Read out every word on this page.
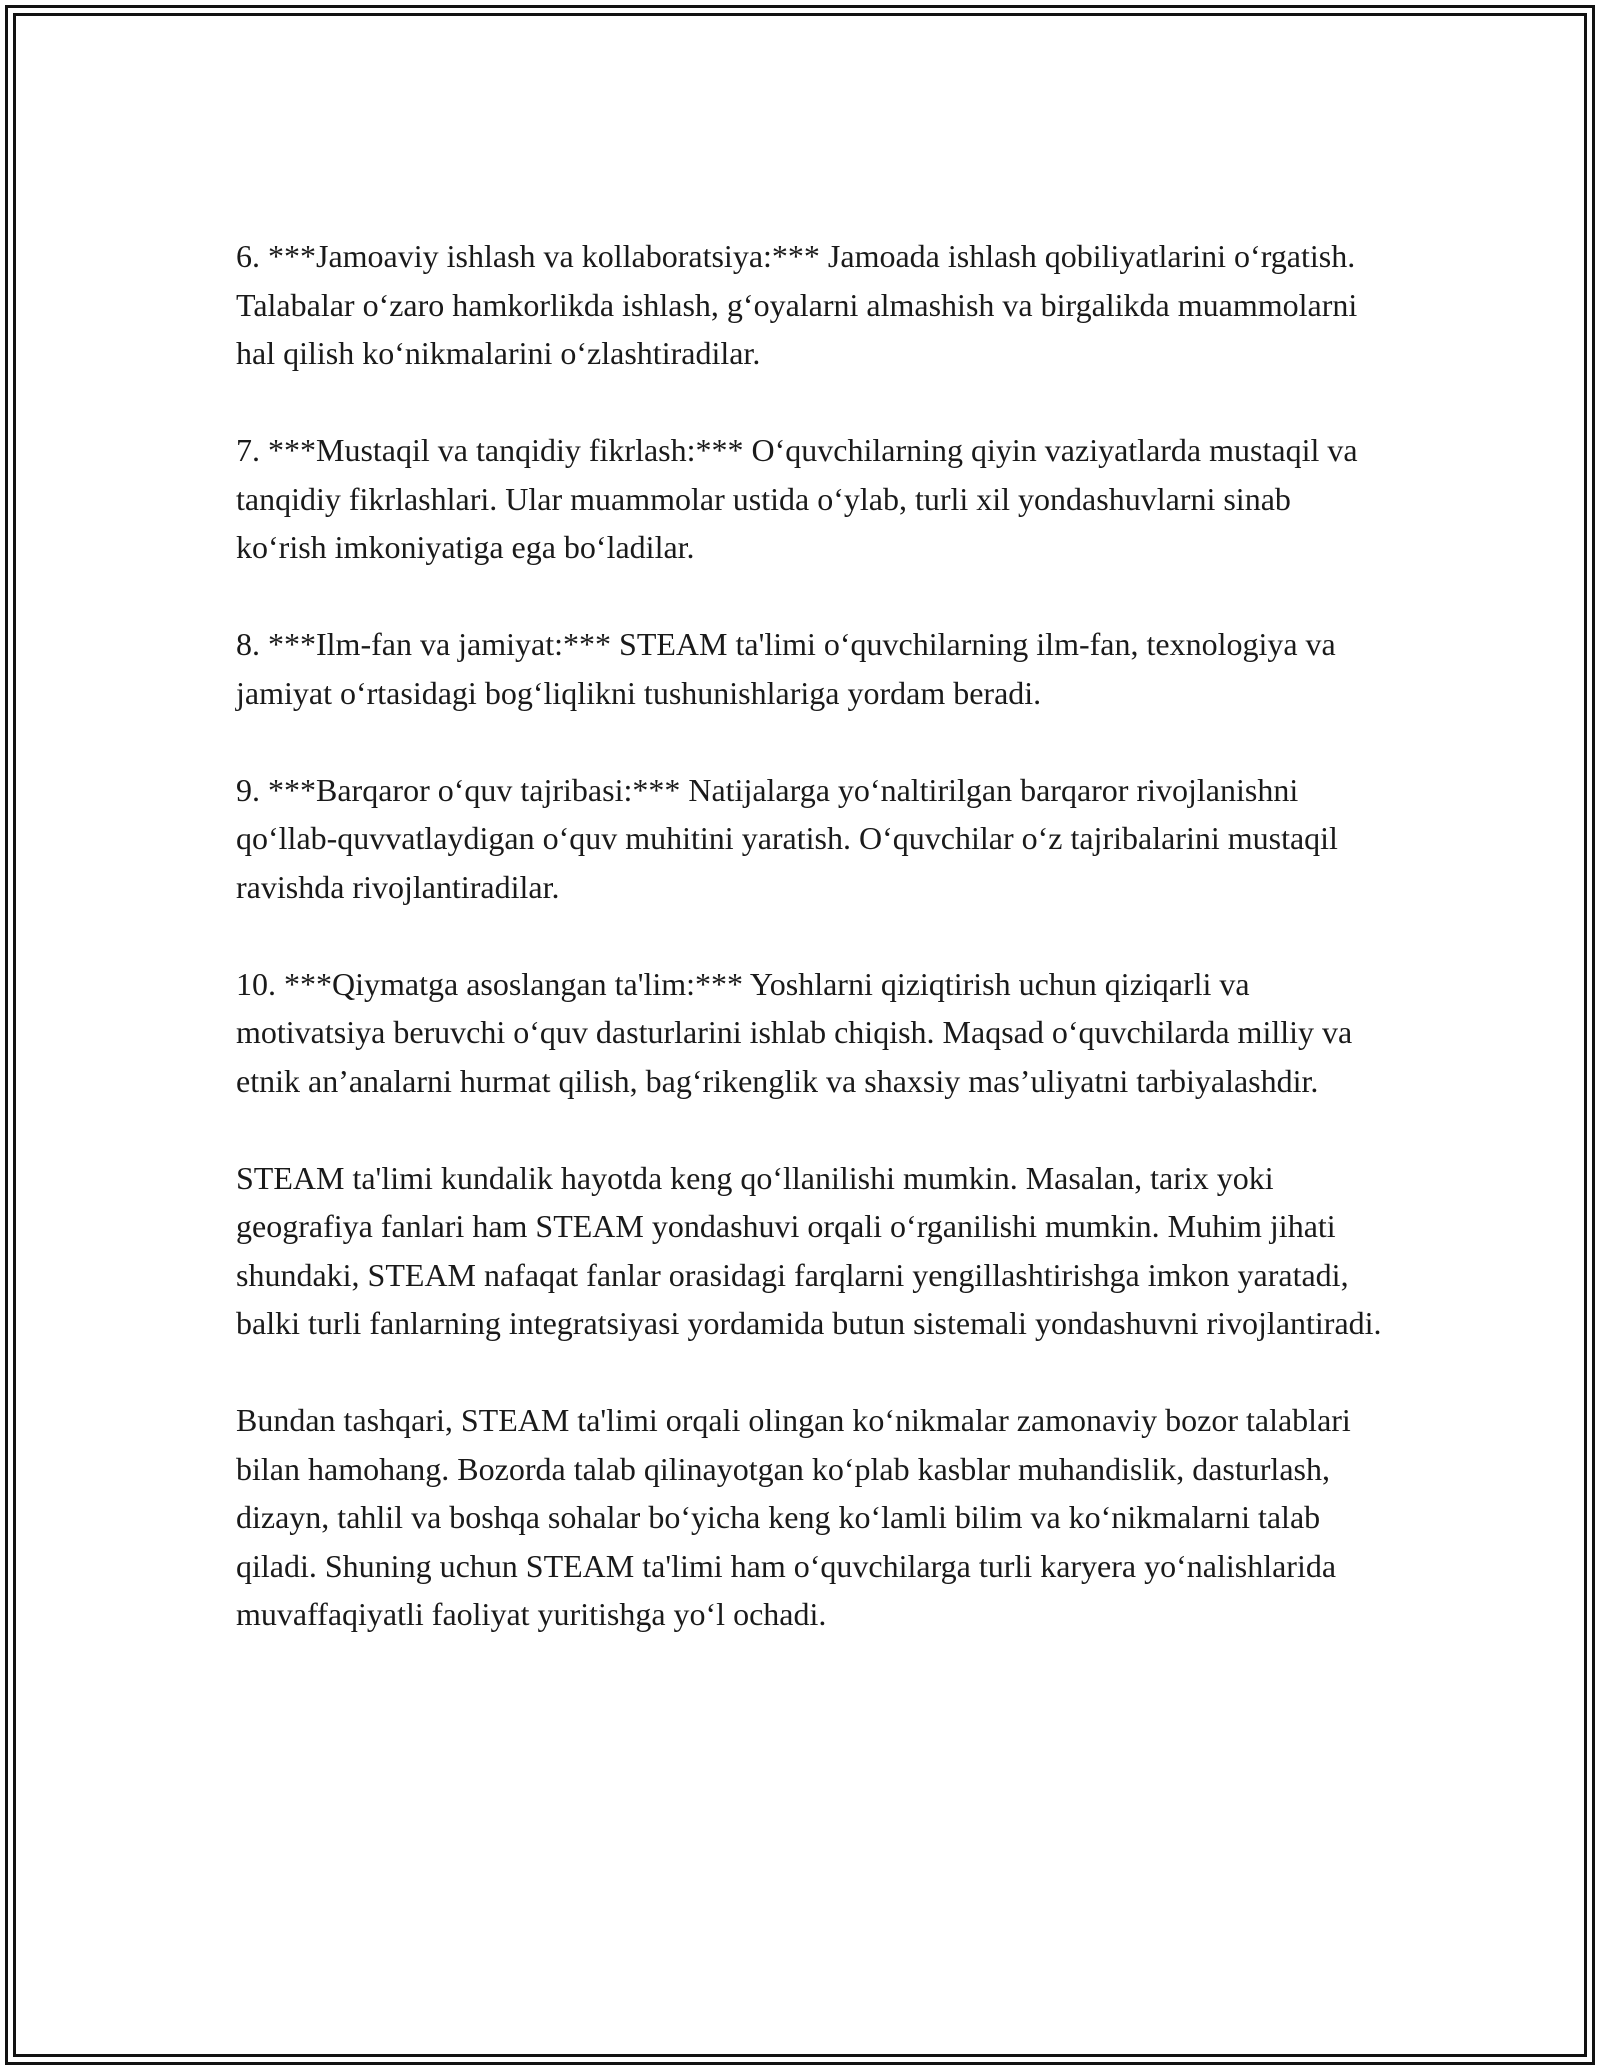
6. ***Jamoaviy ishlash va kollaboratsiya:*** Jamoada ishlash qobiliyatlarini o‘rgatish. Talabalar o‘zaro hamkorlikda ishlash, g‘oyalarni almashish va birgalikda muammolarni hal qilish ko‘nikmalarini o‘zlashtiradilar.

7. ***Mustaqil va tanqidiy fikrlash:*** O‘quvchilarning qiyin vaziyatlarda mustaqil va tanqidiy fikrlashlari. Ular muammolar ustida o‘ylab, turli xil yondashuvlarni sinab ko‘rish imkoniyatiga ega bo‘ladilar.

8. ***Ilm-fan va jamiyat:*** STEAM ta'limi o‘quvchilarning ilm-fan, texnologiya va jamiyat o‘rtasidagi bog‘liqlikni tushunishlariga yordam beradi.

9. ***Barqaror o‘quv tajribasi:*** Natijalarga yo‘naltirilgan barqaror rivojlanishni qo‘llab-quvvatlaydigan o‘quv muhitini yaratish. O‘quvchilar o‘z tajribalarini mustaqil ravishda rivojlantiradilar.

10. ***Qiymatga asoslangan ta'lim:*** Yoshlarni qiziqtirish uchun qiziqarli va motivatsiya beruvchi o‘quv dasturlarini ishlab chiqish. Maqsad o‘quvchilarda milliy va etnik an’analarni hurmat qilish, bag‘rikenglik va shaxsiy mas’uliyatni tarbiyalashdir.

STEAM ta'limi kundalik hayotda keng qo‘llanilishi mumkin. Masalan, tarix yoki geografiya fanlari ham STEAM yondashuvi orqali o‘rganilishi mumkin. Muhim jihati shundaki, STEAM nafaqat fanlar orasidagi farqlarni yengillashtirishga imkon yaratadi, balki turli fanlarning integratsiyasi yordamida butun sistemali yondashuvni rivojlantiradi.

Bundan tashqari, STEAM ta'limi orqali olingan ko‘nikmalar zamonaviy bozor talablari bilan hamohang. Bozorda talab qilinayotgan ko‘plab kasblar muhandislik, dasturlash, dizayn, tahlil va boshqa sohalar bo‘yicha keng ko‘lamli bilim va ko‘nikmalarni talab qiladi. Shuning uchun STEAM ta'limi ham o‘quvchilarga turli karyera yo‘nalishlarida muvaffaqiyatli faoliyat yuritishga yo‘l ochadi.
